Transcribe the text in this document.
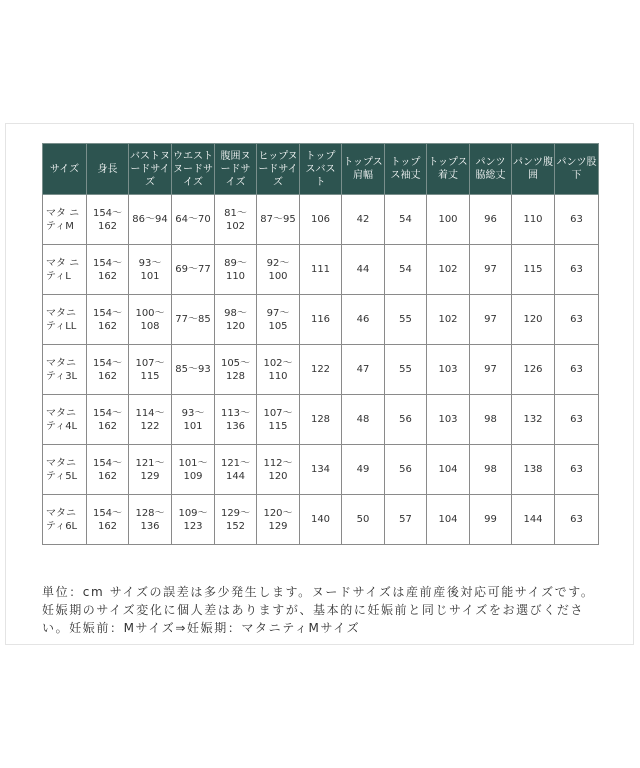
サイズ	身長	バストヌードサイズ	ウエストヌードサイズ	腹囲ヌードサイズ	ヒップヌードサイズ	トップスバスト	トップス肩幅	トップス袖丈	トップス着丈	パンツ脇総丈	パンツ腹囲	パンツ股下
マタ ニティM	154〜162	86〜94	64〜70	81〜102	87〜95	106	42	54	100	96	110	63
マタ ニティL	154〜162	93〜101	69〜77	89〜110	92〜100	111	44	54	102	97	115	63
マタニティLL	154〜162	100〜108	77〜85	98〜120	97〜105	116	46	55	102	97	120	63
マタニティ3L	154〜162	107〜115	85〜93	105〜128	102〜110	122	47	55	103	97	126	63
マタニティ4L	154〜162	114〜122	93〜101	113〜136	107〜115	128	48	56	103	98	132	63
マタニティ5L	154〜162	121〜129	101〜109	121〜144	112〜120	134	49	56	104	98	138	63
マタニティ6L	154〜162	128〜136	109〜123	129〜152	120〜129	140	50	57	104	99	144	63

単位：cm サイズの誤差は多少発生します。ヌードサイズは産前産後対応可能サイズです。 妊娠期のサイズ変化に個人差はありますが、基本的に妊娠前と同じサイズをお選びください。妊娠前：Mサイズ⇒妊娠期：マタニティMサイズ
